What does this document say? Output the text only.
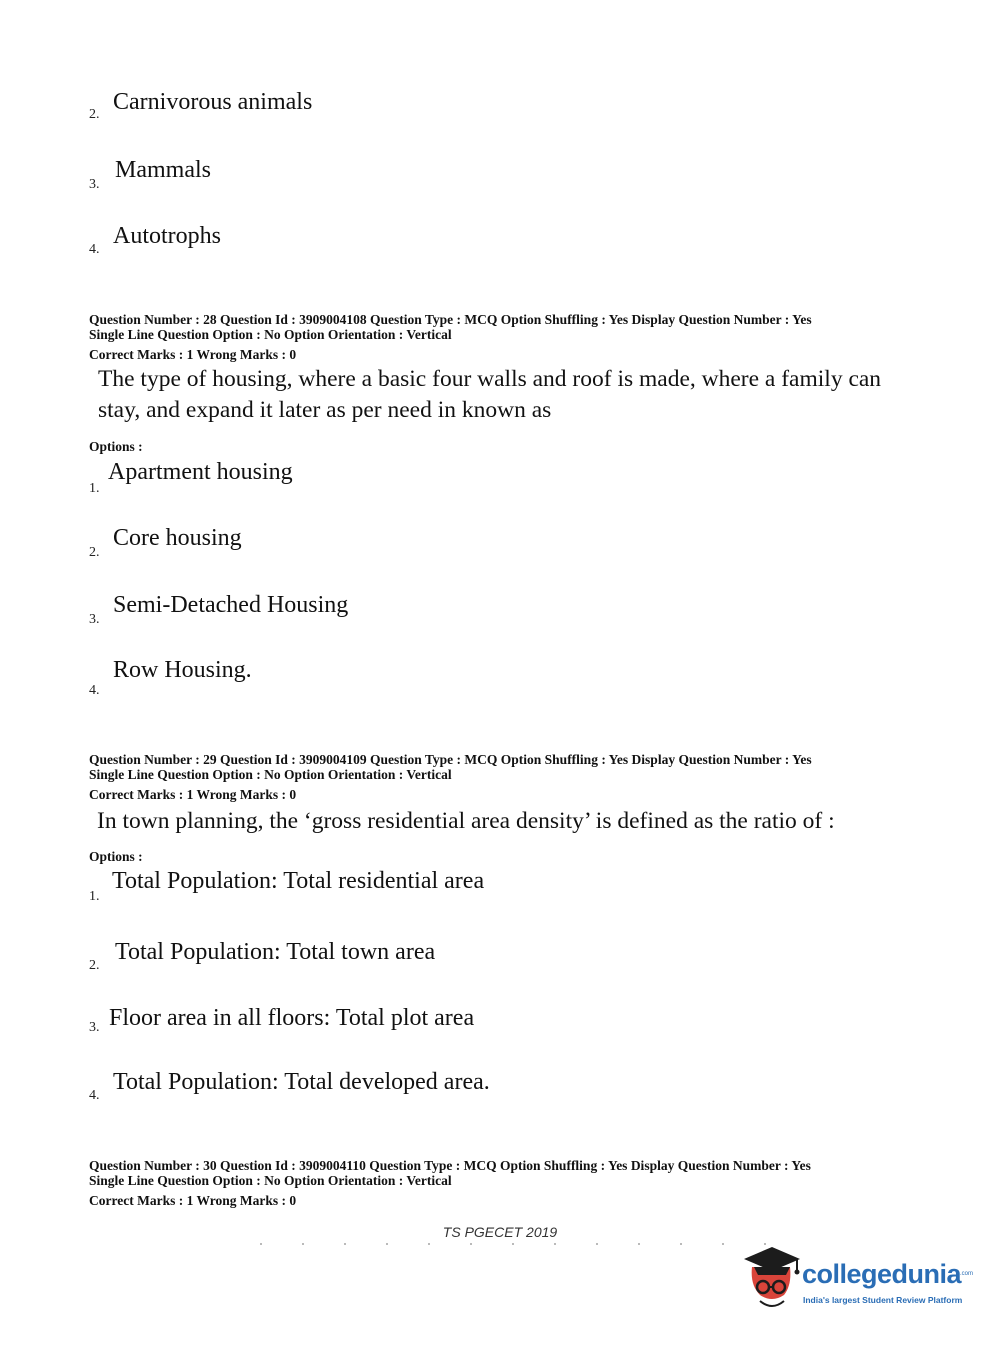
2. Carnivorous animals
3.
Mammals
4.
Autotrophs
Question Number : 28 Question Id : 3909004108 Question Type : MCQ Option Shuffling : Yes Display Question Number : Yes
Single Line Question Option : No Option Orientation : Vertical
Correct Marks : 1 Wrong Marks : 0
The type of housing, where a basic four walls and roof is made, where a family can
stay, and expand it later as per need in known as
Options :
1.
Apartment housing
2.
Core housing
3.
Semi-Detached Housing
4.
Row Housing.
Question Number : 29 Question Id : 3909004109 Question Type : MCQ Option Shuffling : Yes Display Question Number : Yes
Single Line Question Option : No Option Orientation : Vertical
Correct Marks : 1 Wrong Marks : 0
In town planning, the ‘gross residential area density’ is defined as the ratio of :
Options :
1.
Total Population: Total residential area
2.
Total Population: Total town area
3. Floor area in all floors: Total plot area
4.
Total Population: Total developed area.
Question Number : 30 Question Id : 3909004110 Question Type : MCQ Option Shuffling : Yes Display Question Number : Yes
Single Line Question Option : No Option Orientation : Vertical
Correct Marks : 1 Wrong Marks : 0
TS PGECET 2019
collegedunia
.com
India's largest Student Review Platform
